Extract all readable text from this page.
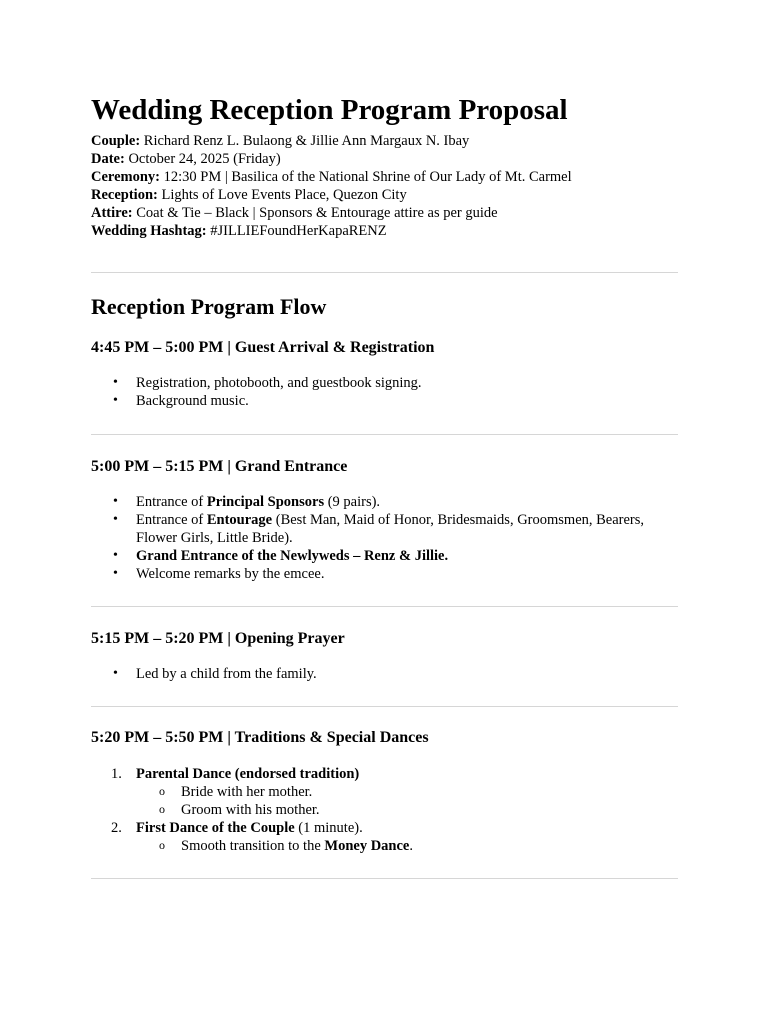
Wedding Reception Program Proposal
Couple: Richard Renz L. Bulaong & Jillie Ann Margaux N. Ibay
Date: October 24, 2025 (Friday)
Ceremony: 12:30 PM | Basilica of the National Shrine of Our Lady of Mt. Carmel
Reception: Lights of Love Events Place, Quezon City
Attire: Coat & Tie – Black | Sponsors & Entourage attire as per guide
Wedding Hashtag: #JILLIEFoundHerKapaRENZ
Reception Program Flow
4:45 PM – 5:00 PM | Guest Arrival & Registration
• Registration, photobooth, and guestbook signing.
• Background music.
5:00 PM – 5:15 PM | Grand Entrance
• Entrance of Principal Sponsors (9 pairs).
• Entrance of Entourage (Best Man, Maid of Honor, Bridesmaids, Groomsmen, Bearers, Flower Girls, Little Bride).
• Grand Entrance of the Newlyweds – Renz & Jillie.
• Welcome remarks by the emcee.
5:15 PM – 5:20 PM | Opening Prayer
• Led by a child from the family.
5:20 PM – 5:50 PM | Traditions & Special Dances
1. Parental Dance (endorsed tradition)
o Bride with her mother.
o Groom with his mother.
2. First Dance of the Couple (1 minute).
o Smooth transition to the Money Dance.
